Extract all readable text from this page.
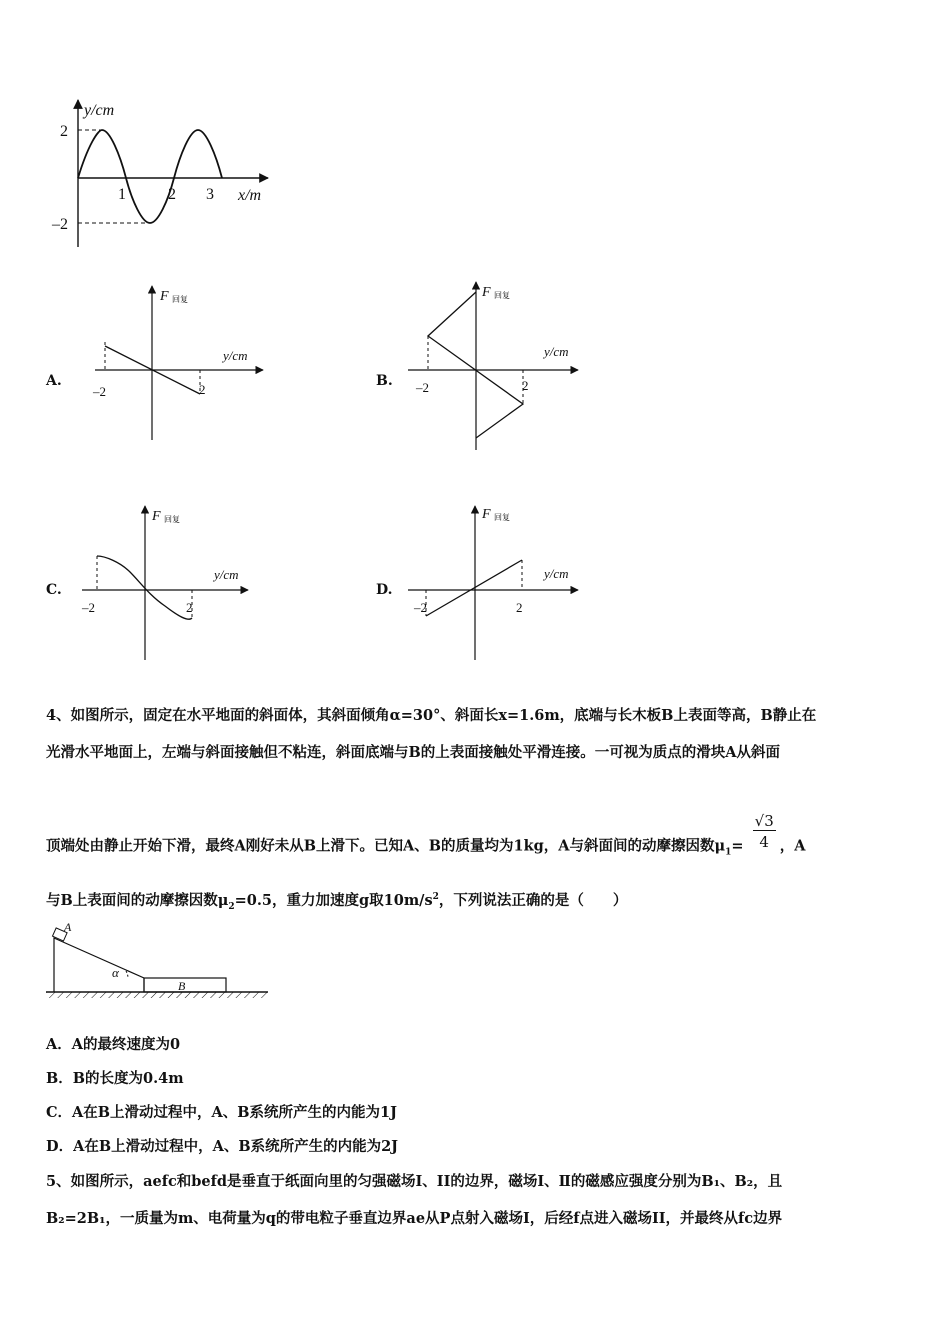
y/cm
x/m
2
–2
1	2 3
A.
F 回复
y/cm
–2	2
B.
F 回复
y/cm
–2	2
C.
F 回复
y/cm
–2	2
D.
F 回复
y/cm
–2	2
4、如图所示，固定在水平地面的斜面体，其斜面倾角α=30°、斜面长x=1.6m，底端与长木板B上表面等高，B静止在
光滑水平地面上，左端与斜面接触但不粘连，斜面底端与B的上表面接触处平滑连接。一可视为质点的滑块A从斜面
顶端处由静止开始下滑，最终A刚好未从B上滑下。已知A、B的质量均为1kg，A与斜面间的动摩擦因数$\mu_1= \frac{√3}{4}$ ，A
与B上表面间的动摩擦因数$\mu_2=0.5$，重力加速度g取$10m/s^2$，下列说法正确的是（　　）
A
α
B
A．A的最终速度为0
B．B的长度为0.4m
C．A在B上滑动过程中，A、B系统所产生的内能为1J
D．A在B上滑动过程中，A、B系统所产生的内能为2J
5、如图所示，aefc和befd是垂直于纸面向里的匀强磁场I、II的边界，磁场I、Ⅱ的磁感应强度分别为B₁、B₂，且
B₂=2B₁，一质量为m、电荷量为q的带电粒子垂直边界ae从P点射入磁场I，后经f点进入磁场II，并最终从fc边界
